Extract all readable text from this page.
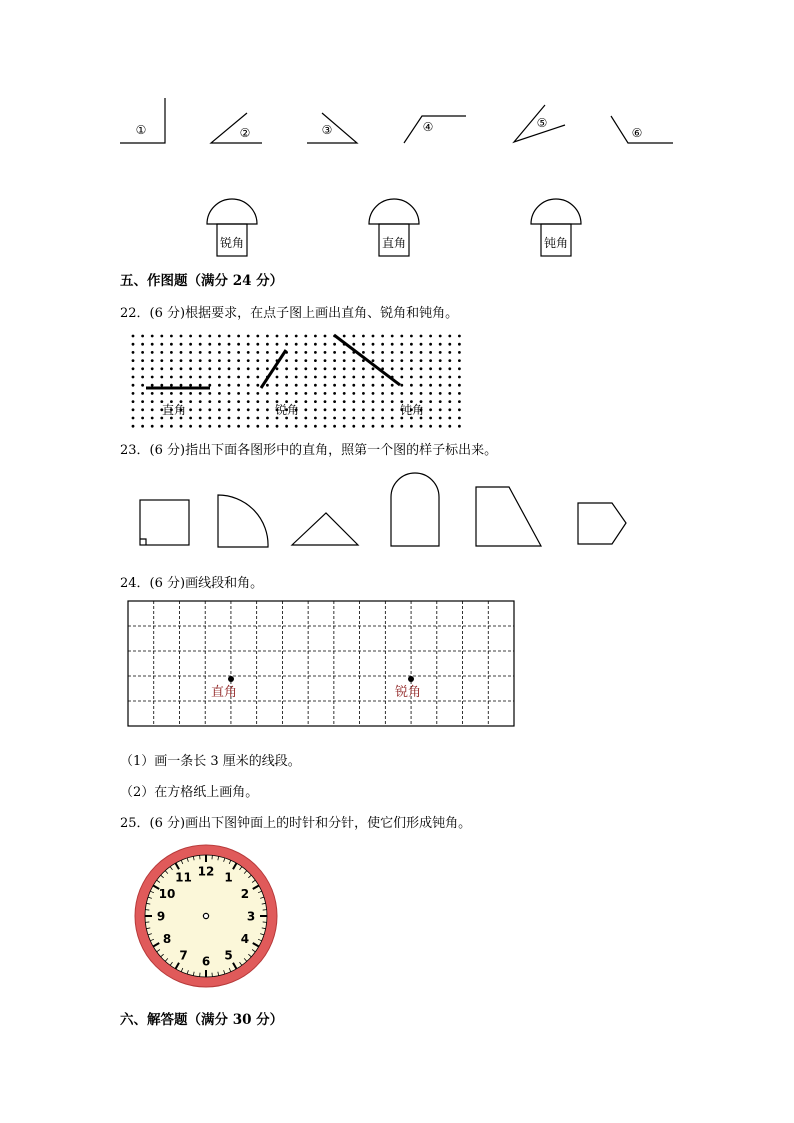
①	②	③	④	⑤
⑥
锐角	直角	钝角
五、作图题（满分 24 分）
22．(6 分)根据要求，在点子图上画出直角、锐角和钝角。
直角	锐角	钝角
23．(6 分)指出下面各图形中的直角，照第一个图的样子标出来。
24．(6 分)画线段和角。
直角	锐角
（1）画一条长 3 厘米的线段。
（2）在方格纸上画角。
25．(6 分)画出下图钟面上的时针和分针，使它们形成钝角。
12 1
2
3
4
5
6
7
8
9
10
11
六、解答题（满分 30 分）
